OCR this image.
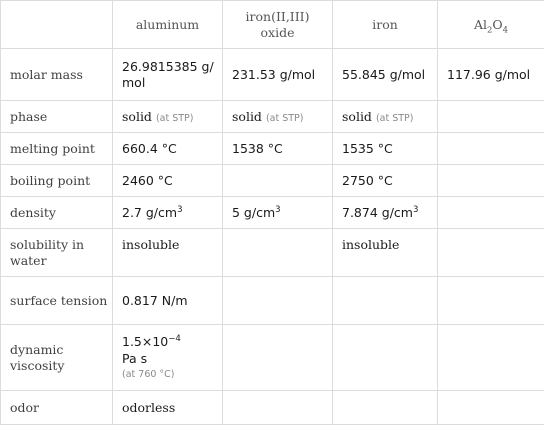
	aluminum	iron(II,III) oxide	iron	$Al_2O_4$
molar mass	26.9815385 g/mol	231.53 g/mol	55.845 g/mol	117.96 g/mol
phase	solid (at STP)	solid (at STP)	solid (at STP)	
melting point	660.4 °C	1538 °C	1535 °C	
boiling point	2460 °C		2750 °C	
density	2.7 $g/cm^3$	5 $g/cm^3$	7.874 $g/cm^3$	
solubility in water	insoluble		insoluble	
surface tension	0.817 N/m			
dynamic viscosity	$1.5\times 10^{-4}$
Pa s
(at 760 °C)			

odor	odorless			
